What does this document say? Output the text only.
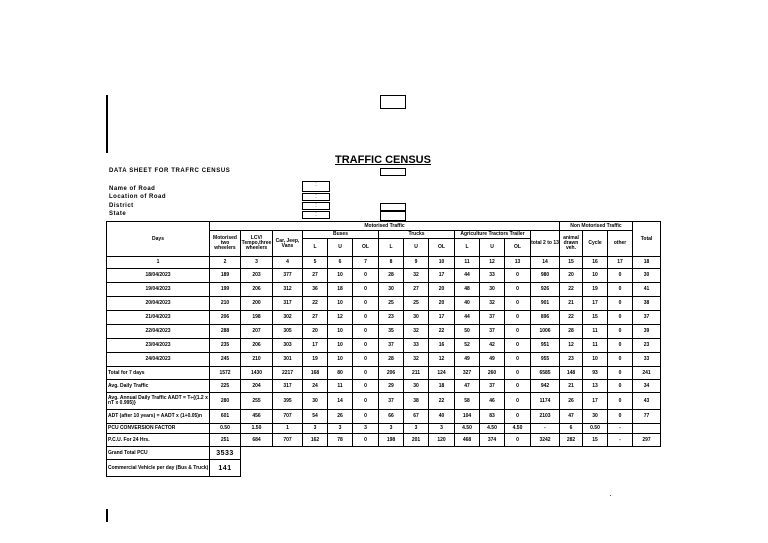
TRAFFIC CENSUS
DATA SHEET FOR TRAFRC CENSUS
Name of Road
Location of Road
District
State
:
:
:
:
Days	Motorised Traffic													Non Motorised Traffic			Total
	Motorised two wheelers	LCV/ Tempo,three wheelers	Car, Jeep, Vans	Buses			Trucks			Agriculture Tractors Trailer			total 2 to 13	animal drawn veh.	Cycle	other	
				L	U	OL	L	U	OL	L	U	OL					
1	2	3	4	5	6	7	8	9	10	11	12	13	14	15	16	17	18
18/04/2023	189	203	377	27	10	0	28	32	17	44	33	0	980	20	10	0	30
19/04/2023	199	206	312	36	18	0	30	27	20	48	30	0	926	22	19	0	41
20/04/2023	210	200	317	22	10	0	25	25	20	40	32	0	901	21	17	0	38
21/04/2023	206	198	302	27	12	0	23	30	17	44	37	0	896	22	15	0	37
22/04/2023	288	207	305	20	10	0	35	32	22	50	37	0	1006	28	11	0	39
23/04/2023	235	206	303	17	10	0	37	33	16	52	42	0	951	12	11	0	23
24/04/2023	245	210	301	19	10	0	28	32	12	49	49	0	955	23	10	0	33
Total for 7 days	1572	1430	2217	168	80	0	206	211	124	327	260	0	6585	148	93	0	241
Avg. Daily Traffic	225	204	317	24	11	0	29	30	18	47	37	0	942	21	13	0	34
Avg. Annual Daily Traffic AADT = T÷{(1.2 x nT x 0.995)}	280	255	395	30	14	0	37	38	22	58	46	0	1174	26	17	0	43
ADT (after 10 years) = AADT x (1+0.05)n	601	456	707	54	26	0	66	67	40	104	83	0	2103	47	30	0	77
PCU CONVERSION FACTOR	0.50	1.50	1	3	3	3	3	3	3	4.50	4.50	4.50	-	6	0.50	-	
P.C.U. For 24 Hrs.	251	684	707	162	78	0	198	201	120	468	374	0	3242	282	15	-	297
Grand Total PCU	3533																
Commercial Vehicle per day (Bus & Truck)	141																
